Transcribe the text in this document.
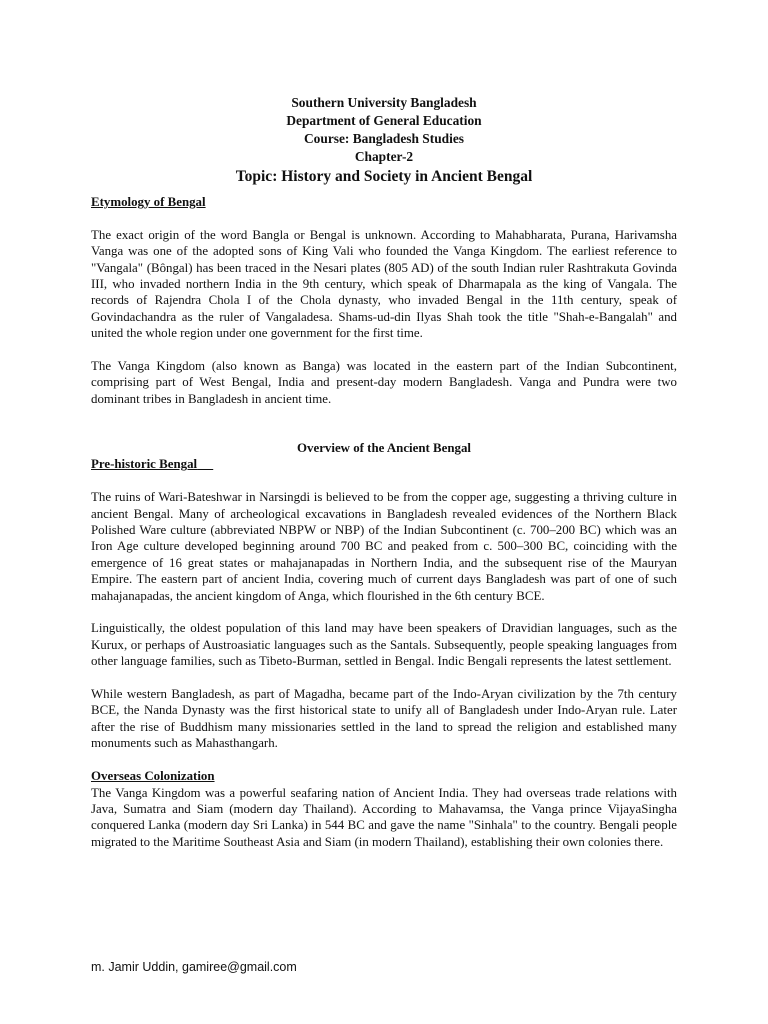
Southern University Bangladesh
Department of General Education
Course: Bangladesh Studies
Chapter-2
Topic: History and Society in Ancient Bengal
Etymology of Bengal

The exact origin of the word Bangla or Bengal is unknown. According to Mahabharata, Purana, Harivamsha Vanga was one of the adopted sons of King Vali who founded the Vanga Kingdom. The earliest reference to "Vangala" (Bôngal) has been traced in the Nesari plates (805 AD) of the south Indian ruler Rashtrakuta Govinda III, who invaded northern India in the 9th century, which speak of Dharmapala as the king of Vangala. The records of Rajendra Chola I of the Chola dynasty, who invaded Bengal in the 11th century, speak of Govindachandra as the ruler of Vangaladesa. Shams-ud-din Ilyas Shah took the title "Shah-e-Bangalah" and united the whole region under one government for the first time.

The Vanga Kingdom (also known as Banga) was located in the eastern part of the Indian Subcontinent, comprising part of West Bengal, India and present-day modern Bangladesh. Vanga and Pundra were two dominant tribes in Bangladesh in ancient time.

Overview of the Ancient Bengal
Pre-historic Bengal

The ruins of Wari-Bateshwar in Narsingdi is believed to be from the copper age, suggesting a thriving culture in ancient Bengal. Many of archeological excavations in Bangladesh revealed evidences of the Northern Black Polished Ware culture (abbreviated NBPW or NBP) of the Indian Subcontinent (c. 700–200 BC) which was an Iron Age culture developed beginning around 700 BC and peaked from c. 500–300 BC, coinciding with the emergence of 16 great states or mahajanapadas in Northern India, and the subsequent rise of the Mauryan Empire. The eastern part of ancient India, covering much of current days Bangladesh was part of one of such mahajanapadas, the ancient kingdom of Anga, which flourished in the 6th century BCE.

Linguistically, the oldest population of this land may have been speakers of Dravidian languages, such as the Kurux, or perhaps of Austroasiatic languages such as the Santals. Subsequently, people speaking languages from other language families, such as Tibeto-Burman, settled in Bengal. Indic Bengali represents the latest settlement.

While western Bangladesh, as part of Magadha, became part of the Indo-Aryan civilization by the 7th century BCE, the Nanda Dynasty was the first historical state to unify all of Bangladesh under Indo-Aryan rule. Later after the rise of Buddhism many missionaries settled in the land to spread the religion and established many monuments such as Mahasthangarh.

Overseas Colonization

The Vanga Kingdom was a powerful seafaring nation of Ancient India. They had overseas trade relations with Java, Sumatra and Siam (modern day Thailand). According to Mahavamsa, the Vanga prince VijayaSingha conquered Lanka (modern day Sri Lanka) in 544 BC and gave the name "Sinhala" to the country. Bengali people migrated to the Maritime Southeast Asia and Siam (in modern Thailand), establishing their own colonies there.

m. Jamir Uddin, gamiree@gmail.com
